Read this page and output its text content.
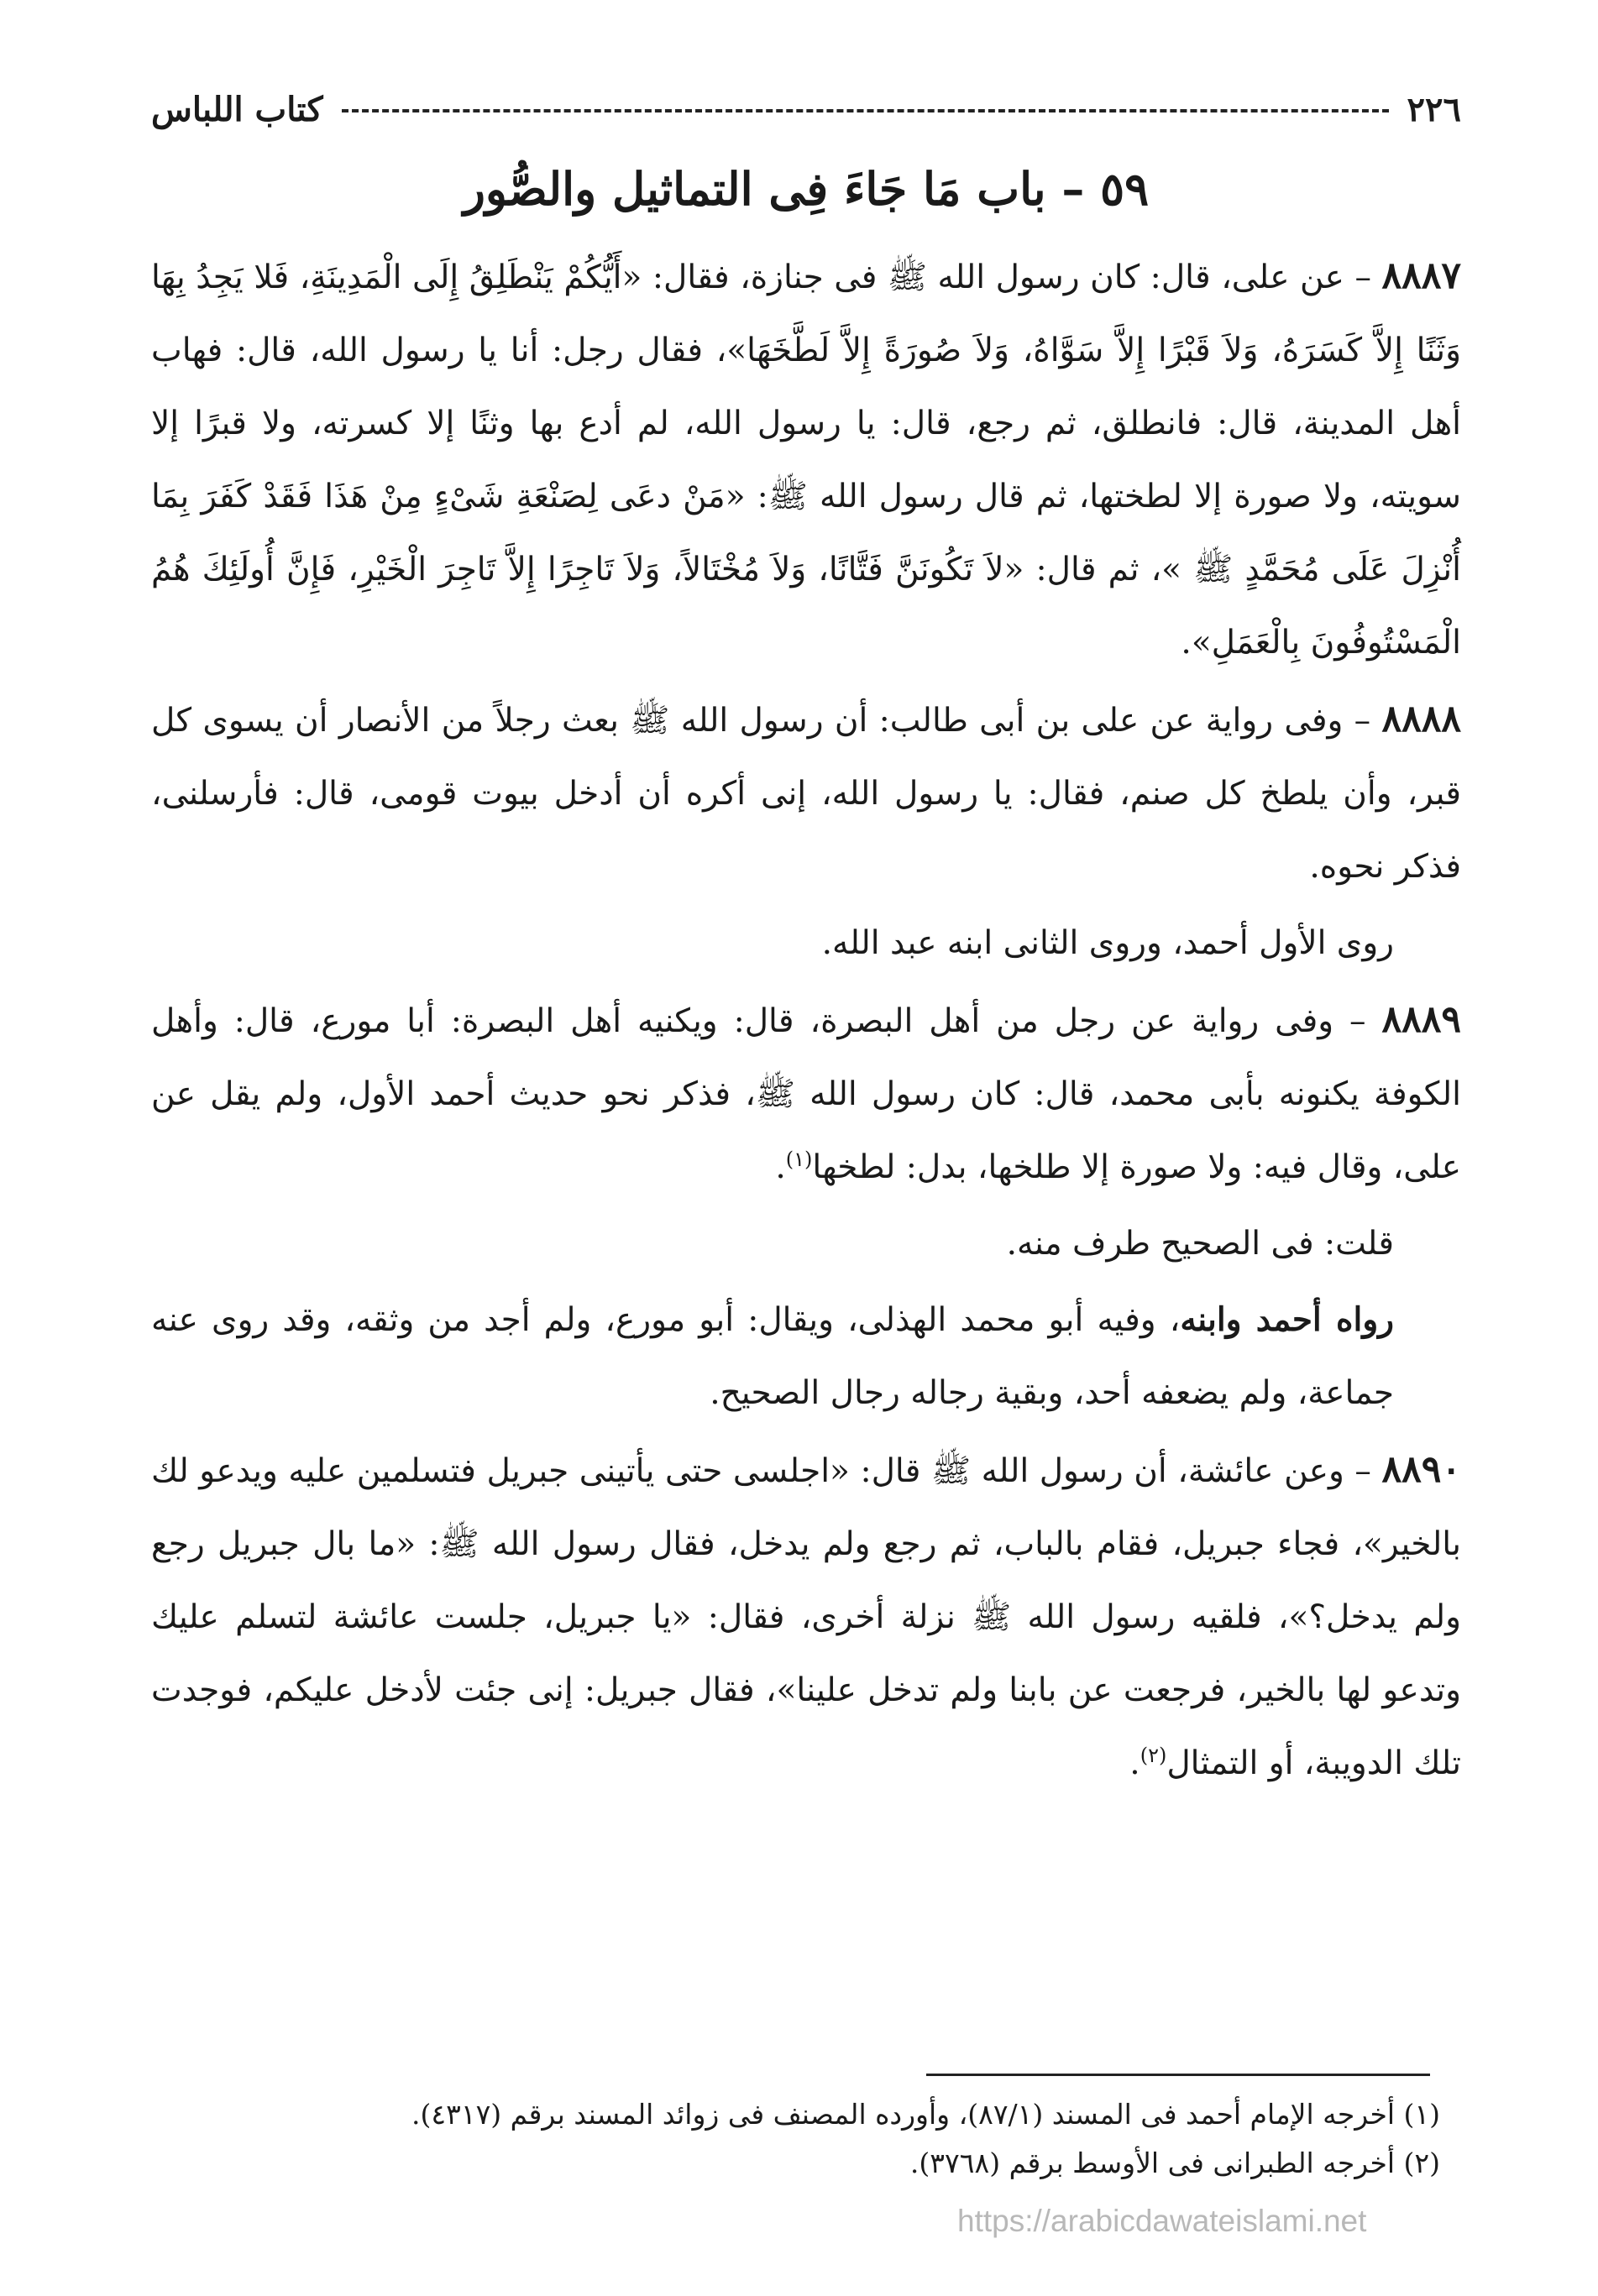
٢٢٦
كتاب اللباس
٥٩ – باب مَا جَاءَ فِى التماثيل والصُّور

٨٨٨٧ – عن على، قال: كان رسول الله ﷺ فى جنازة، فقال: «أَيُّكُمْ يَنْطَلِقُ إِلَى الْمَدِينَةِ، فَلا يَجِدُ بِهَا وَثَنًا إِلاَّ كَسَرَهُ، وَلاَ قَبْرًا إِلاَّ سَوَّاهُ، وَلاَ صُورَةً إِلاَّ لَطَّخَهَا»، فقال رجل: أنا يا رسول الله، قال: فهاب أهل المدينة، قال: فانطلق، ثم رجع، قال: يا رسول الله، لم أدع بها وثنًا إلا كسرته، ولا قبرًا إلا سويته، ولا صورة إلا لطختها، ثم قال رسول الله ﷺ: «مَنْ دعَى لِصَنْعَةِ شَىْءٍ مِنْ هَذَا فَقَدْ كَفَرَ بِمَا أُنْزِلَ عَلَى مُحَمَّدٍ ﷺ »، ثم قال: «لاَ تَكُونَنَّ فَتَّانًا، وَلاَ مُخْتَالاً، وَلاَ تَاجِرًا إِلاَّ تَاجِرَ الْخَيْرِ، فَإِنَّ أُولَئِكَ هُمُ الْمَسْتُوفُونَ بِالْعَمَلِ».

٨٨٨٨ – وفى رواية عن على بن أبى طالب: أن رسول الله ﷺ بعث رجلاً من الأنصار أن يسوى كل قبر، وأن يلطخ كل صنم، فقال: يا رسول الله، إنى أكره أن أدخل بيوت قومى، قال: فأرسلنى، فذكر نحوه.

روى الأول أحمد، وروى الثانى ابنه عبد الله.

٨٨٨٩ – وفى رواية عن رجل من أهل البصرة، قال: ويكنيه أهل البصرة: أبا مورع، قال: وأهل الكوفة يكنونه بأبى محمد، قال: كان رسول الله ﷺ، فذكر نحو حديث أحمد الأول، ولم يقل عن على، وقال فيه: ولا صورة إلا طلخها، بدل: لطخها$^{(١)}$.

قلت: فى الصحيح طرف منه.

رواه أحمد وابنه، وفيه أبو محمد الهذلى، ويقال: أبو مورع، ولم أجد من وثقه، وقد روى عنه جماعة، ولم يضعفه أحد، وبقية رجاله رجال الصحيح.

٨٨٩٠ – وعن عائشة، أن رسول الله ﷺ قال: «اجلسى حتى يأتينى جبريل فتسلمين عليه ويدعو لك بالخير»، فجاء جبريل، فقام بالباب، ثم رجع ولم يدخل، فقال رسول الله ﷺ: «ما بال جبريل رجع ولم يدخل؟»، فلقيه رسول الله ﷺ نزلة أخرى، فقال: «يا جبريل، جلست عائشة لتسلم عليك وتدعو لها بالخير، فرجعت عن بابنا ولم تدخل علينا»، فقال جبريل: إنى جئت لأدخل عليكم، فوجدت تلك الدويبة، أو التمثال$^{(٢)}$.

(١) أخرجه الإمام أحمد فى المسند (٨٧/١)، وأورده المصنف فى زوائد المسند برقم (٤٣١٧).

(٢) أخرجه الطبرانى فى الأوسط برقم (٣٧٦٨).

https://arabicdawateislami.net
